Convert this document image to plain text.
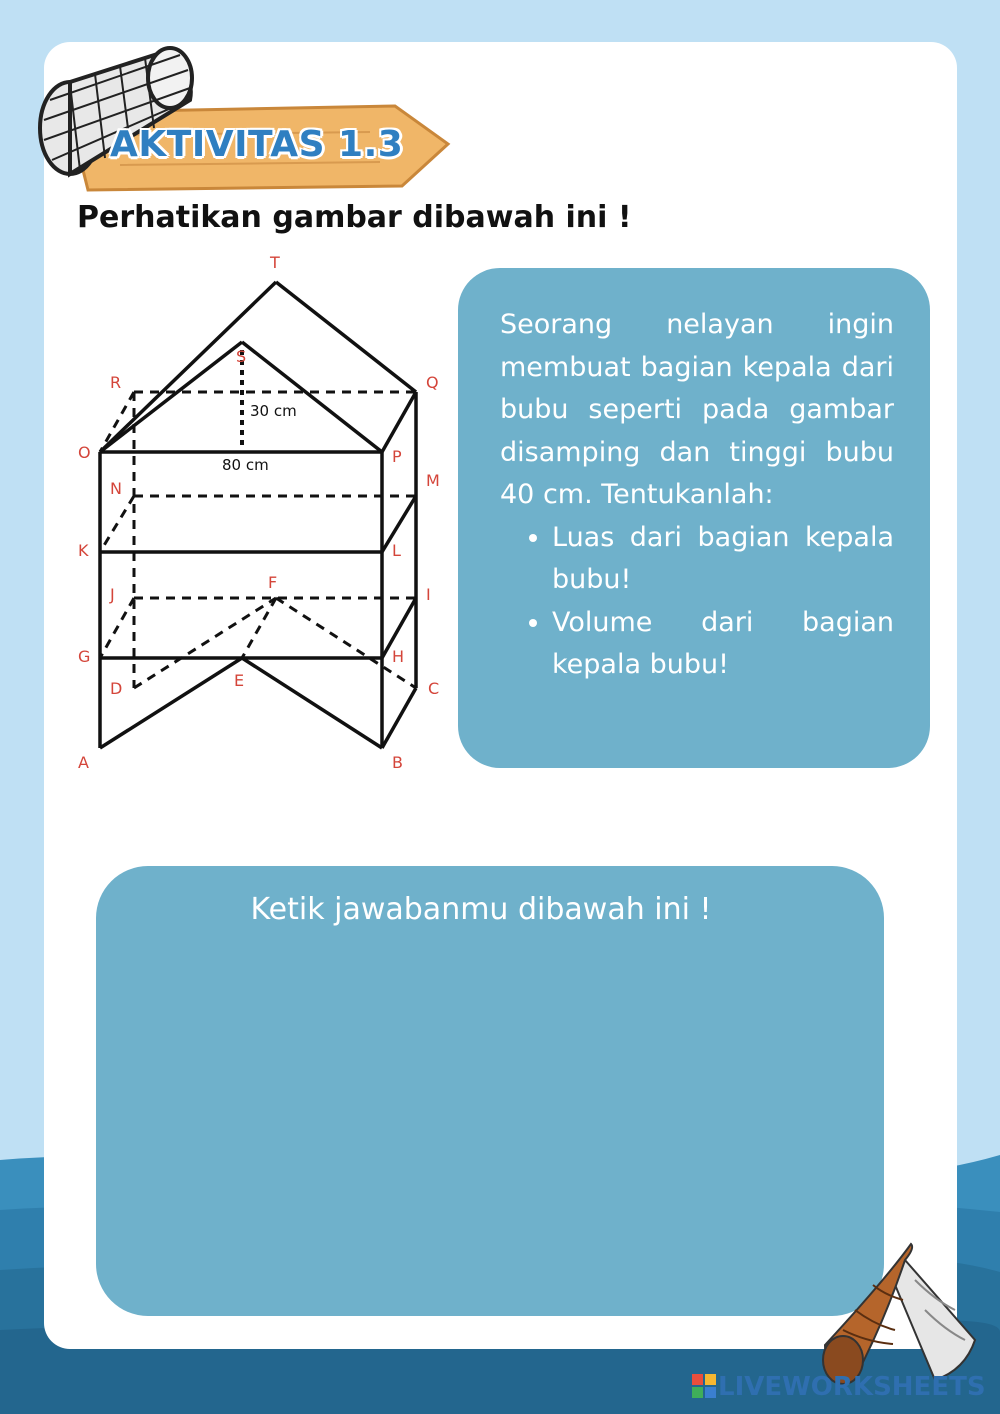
AKTIVITAS 1.3
Perhatikan gambar dibawah ini !
T
S
R	Q
O	P
N	M
K	L
J
F
I
G	H
D	E	C
A	B
30 cm
80 cm

Seorang nelayan ingin membuat bagian kepala dari bubu seperti pada gambar disamping dan tinggi bubu 40 cm. Tentukanlah:

• Luas dari bagian kepala bubu!
• Volume dari bagian kepala bubu!
Ketik jawabanmu dibawah ini !
LIVEWORKSHEETS
